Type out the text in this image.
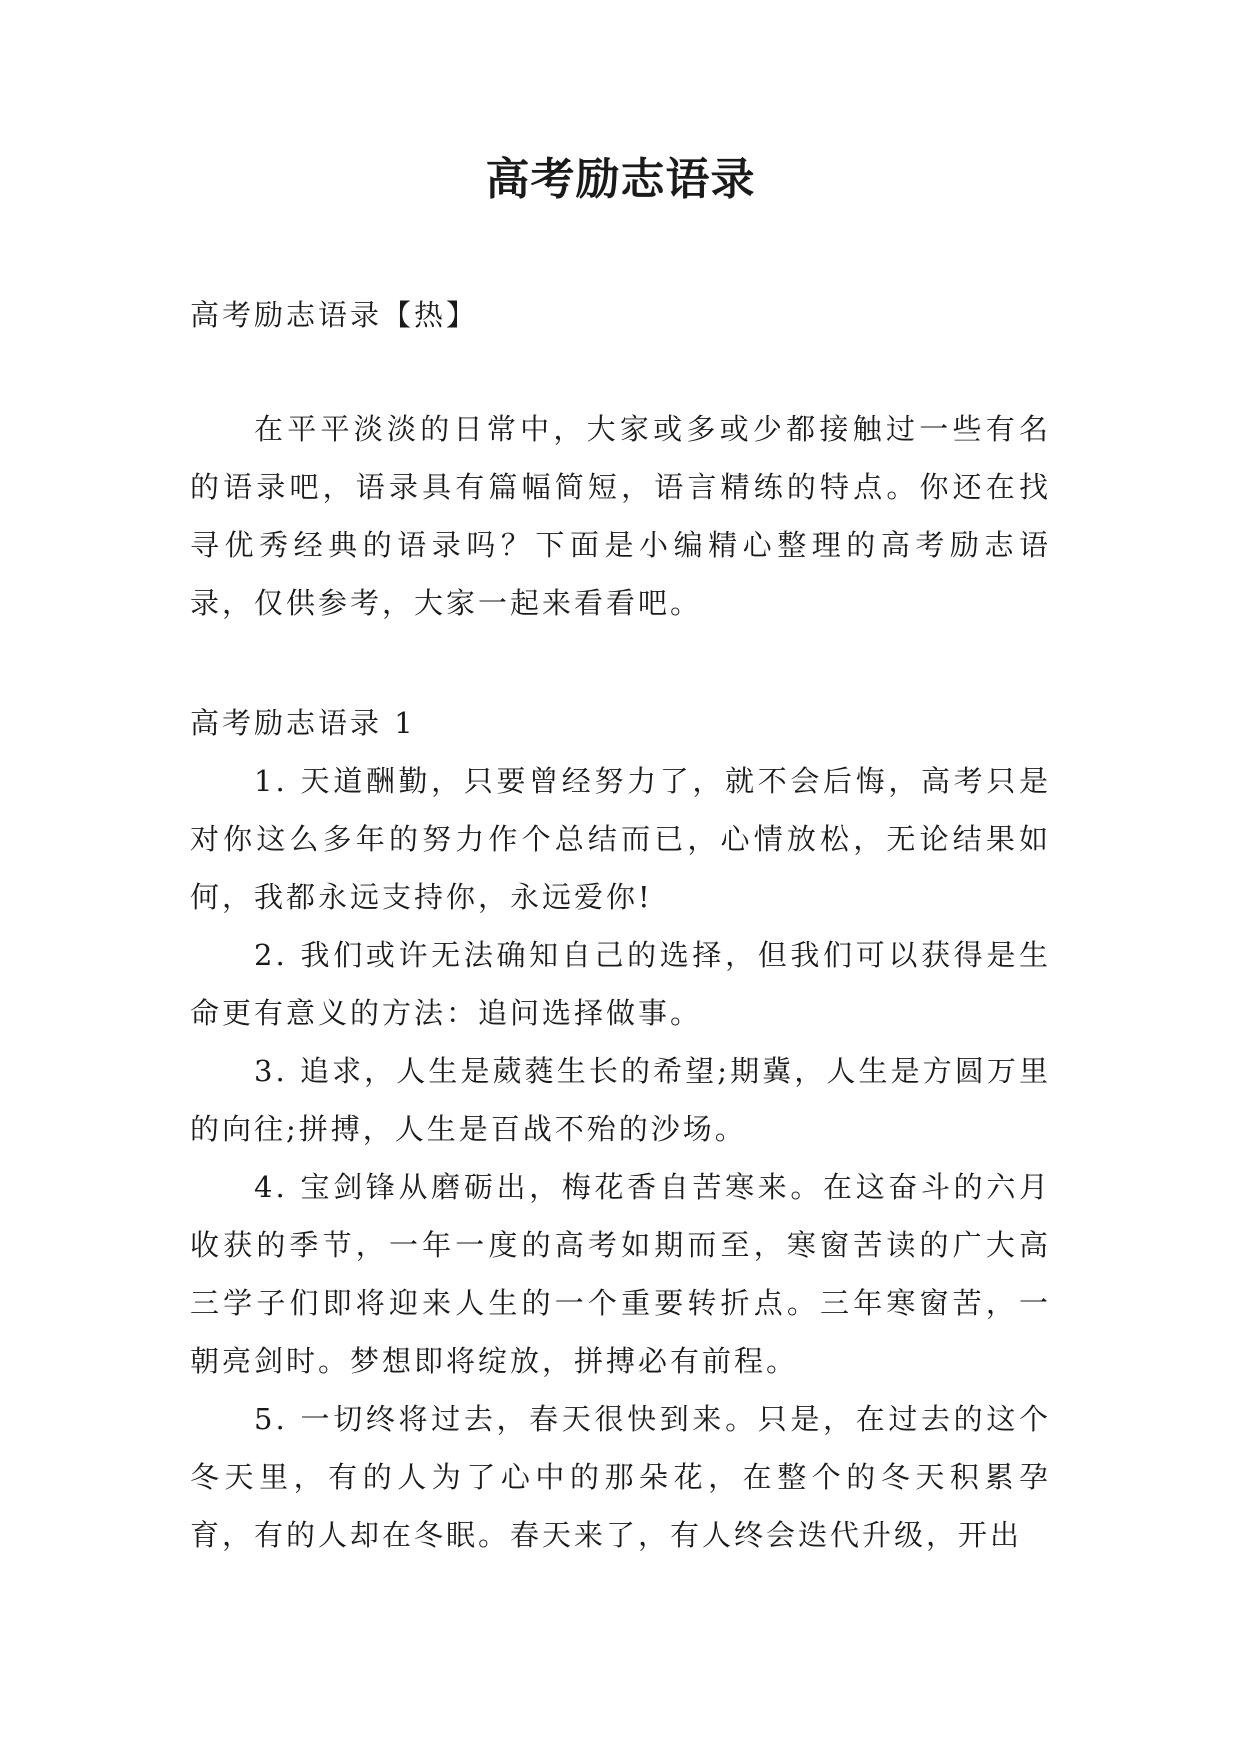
高考励志语录

高考励志语录【热】

在平平淡淡的日常中，大家或多或少都接触过一些有名的语录吧，语录具有篇幅简短，语言精练的特点。你还在找寻优秀经典的语录吗？下面是小编精心整理的高考励志语录，仅供参考，大家一起来看看吧。

高考励志语录 1

1. 天道酬勤，只要曾经努力了，就不会后悔，高考只是对你这么多年的努力作个总结而已，心情放松，无论结果如何，我都永远支持你，永远爱你!

2. 我们或许无法确知自己的选择，但我们可以获得是生命更有意义的方法：追问选择做事。

3. 追求，人生是葳蕤生长的希望;期冀，人生是方圆万里的向往;拼搏，人生是百战不殆的沙场。

4. 宝剑锋从磨砺出，梅花香自苦寒来。在这奋斗的六月收获的季节，一年一度的高考如期而至，寒窗苦读的广大高三学子们即将迎来人生的一个重要转折点。三年寒窗苦，一朝亮剑时。梦想即将绽放，拼搏必有前程。

5. 一切终将过去，春天很快到来。只是，在过去的这个冬天里，有的人为了心中的那朵花，在整个的冬天积累孕育，有的人却在冬眠。春天来了，有人终会迭代升级，开出
